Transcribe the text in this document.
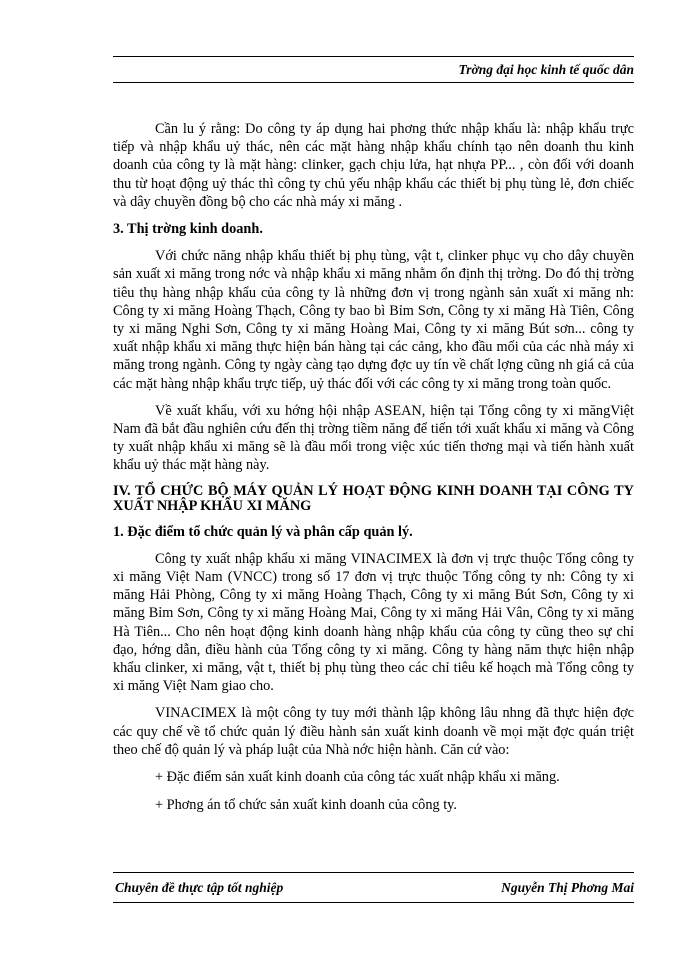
Trờng đại học kinh tế quốc dân

Cần lu ý rằng: Do công ty áp dụng hai phơng thức nhập khẩu là: nhập khẩu trực tiếp và nhập khẩu uỷ thác, nên các mặt hàng nhập khẩu chính tạo nên doanh thu kinh doanh của công ty là mặt hàng: clinker, gạch chịu lửa, hạt nhựa PP... , còn đối với doanh thu từ hoạt động uỷ thác thì công ty chủ yếu nhập khẩu các thiết bị phụ tùng lẻ, đơn chiếc và dây chuyền đồng bộ cho các nhà máy xi măng .

3. Thị trờng kinh doanh.

Với chức năng nhập khẩu thiết bị phụ tùng, vật t, clinker phục vụ cho dây chuyền sản xuất xi măng trong nớc và nhập khẩu xi măng nhằm ổn định thị trờng. Do đó thị trờng tiêu thụ hàng nhập khẩu của công ty là những đơn vị trong ngành sản xuất xi măng nh: Công ty xi măng Hoàng Thạch, Công ty bao bì Bỉm Sơn, Công ty xi măng Hà Tiên, Công ty xi măng Nghi Sơn, Công ty xi măng Hoàng Mai, Công ty xi măng Bút sơn... công ty xuất nhập khẩu xi măng thực hiện bán hàng tại các cảng, kho đầu mối của các nhà máy xi măng trong ngành. Công ty ngày càng tạo dựng đợc uy tín về chất lợng cũng nh giá cả của các mặt hàng nhập khẩu trực tiếp, uỷ thác đối với các công ty xi măng trong toàn quốc.

Về xuất khẩu, với xu hớng hội nhập ASEAN, hiện tại Tổng công ty xi măngViệt Nam đã bắt đầu nghiên cứu đến thị trờng tiềm năng để tiến tới xuất khẩu xi măng và Công ty xuất nhập khẩu xi măng sẽ là đầu mối trong việc xúc tiến thơng mại và tiến hành xuất khẩu uỷ thác mặt hàng này.

IV. TỔ CHỨC BỘ MÁY QUẢN LÝ HOẠT ĐỘNG KINH DOANH TẠI CÔNG TY XUẤT NHẬP KHẨU XI MĂNG
1. Đặc điểm tổ chức quản lý và phân cấp quản lý.

Công ty xuất nhập khẩu xi măng VINACIMEX là đơn vị trực thuộc Tổng công ty xi măng Việt Nam (VNCC) trong số 17 đơn vị trực thuộc Tổng công ty nh: Công ty xi măng Hải Phòng, Công ty xi măng Hoàng Thạch, Công ty xi măng Bút Sơn, Công ty xi măng Bỉm Sơn, Công ty xi măng Hoàng Mai, Công ty xi măng Hải Vân, Công ty xi măng Hà Tiên... Cho nên hoạt động kinh doanh hàng nhập khẩu của công ty cũng theo sự chỉ đạo, hớng dẫn, điều hành của Tổng công ty xi măng. Công ty hàng năm thực hiện nhập khẩu clinker, xi măng, vật t, thiết bị phụ tùng theo các chỉ tiêu kế hoạch mà Tổng công ty xi măng Việt Nam giao cho.

VINACIMEX là một công ty tuy mới thành lập không lâu nhng đã thực hiện đợc các quy chế về tổ chức quản lý điều hành sản xuất kinh doanh về mọi mặt đợc quán triệt theo chế độ quản lý và pháp luật của Nhà nớc hiện hành. Căn cứ vào:

+ Đặc điểm sản xuất kinh doanh của công tác xuất nhập khẩu xi măng.

+ Phơng án tổ chức sản xuất kinh doanh của công ty.

Chuyên đề thực tập tốt nghiệp	Nguyễn Thị Phơng Mai
